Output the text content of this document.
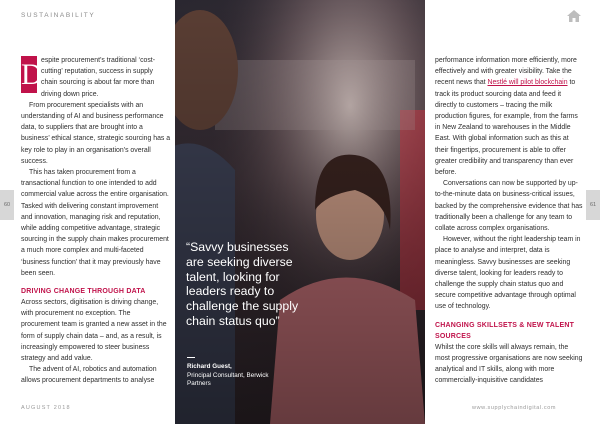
SUSTAINABILITY
D

espite procurement’s traditional ‘cost-cutting’ reputation, success in supply chain sourcing is about far more than driving down price.

From procurement specialists with an understanding of AI and business performance data, to suppliers that are brought into a business’ ethical stance, strategic sourcing has a key role to play in an organisation’s overall success.

This has taken procurement from a transactional function to one intended to add commercial value across the entire organisation. Tasked with delivering constant improvement and innovation, managing risk and reputation, while adding competitive advantage, strategic sourcing in the supply chain makes procurement a much more complex and multi-faceted ‘business function’ that it may previously have been seen.

DRIVING CHANGE THROUGH DATA

Across sectors, digitisation is driving change, with procurement no exception. The procurement team is granted a new asset in the form of supply chain data – and, as a result, is increasingly empowered to steer business strategy and add value.

The advent of AI, robotics and automation allows procurement departments to analyse

“Savvy businesses are seeking diverse talent, looking for leaders ready to challenge the supply chain status quo”
Richard Guest,
Principal Consultant, Berwick Partners

performance information more efficiently, more effectively and with greater visibility. Take the recent news that Nestlé will pilot blockchain to track its product sourcing data and feed it directly to customers – tracing the milk production figures, for example, from the farms in New Zealand to warehouses in the Middle East. With global information such as this at their fingertips, procurement is able to offer greater credibility and transparency than ever before.

Conversations can now be supported by up-to-the-minute data on business-critical issues, backed by the comprehensive evidence that has traditionally been a challenge for any team to collate across complex organisations.

However, without the right leadership team in place to analyse and interpret, data is meaningless. Savvy businesses are seeking diverse talent, looking for leaders ready to challenge the supply chain status quo and secure competitive advantage through optimal use of technology.

CHANGING SKILLSETS & NEW TALENT SOURCES

Whilst the core skills will always remain, the most progressive organisations are now seeking analytical and IT skills, along with more commercially-inquisitive candidates

60	61
AUGUST 2018	www.supplychaindigital.com
